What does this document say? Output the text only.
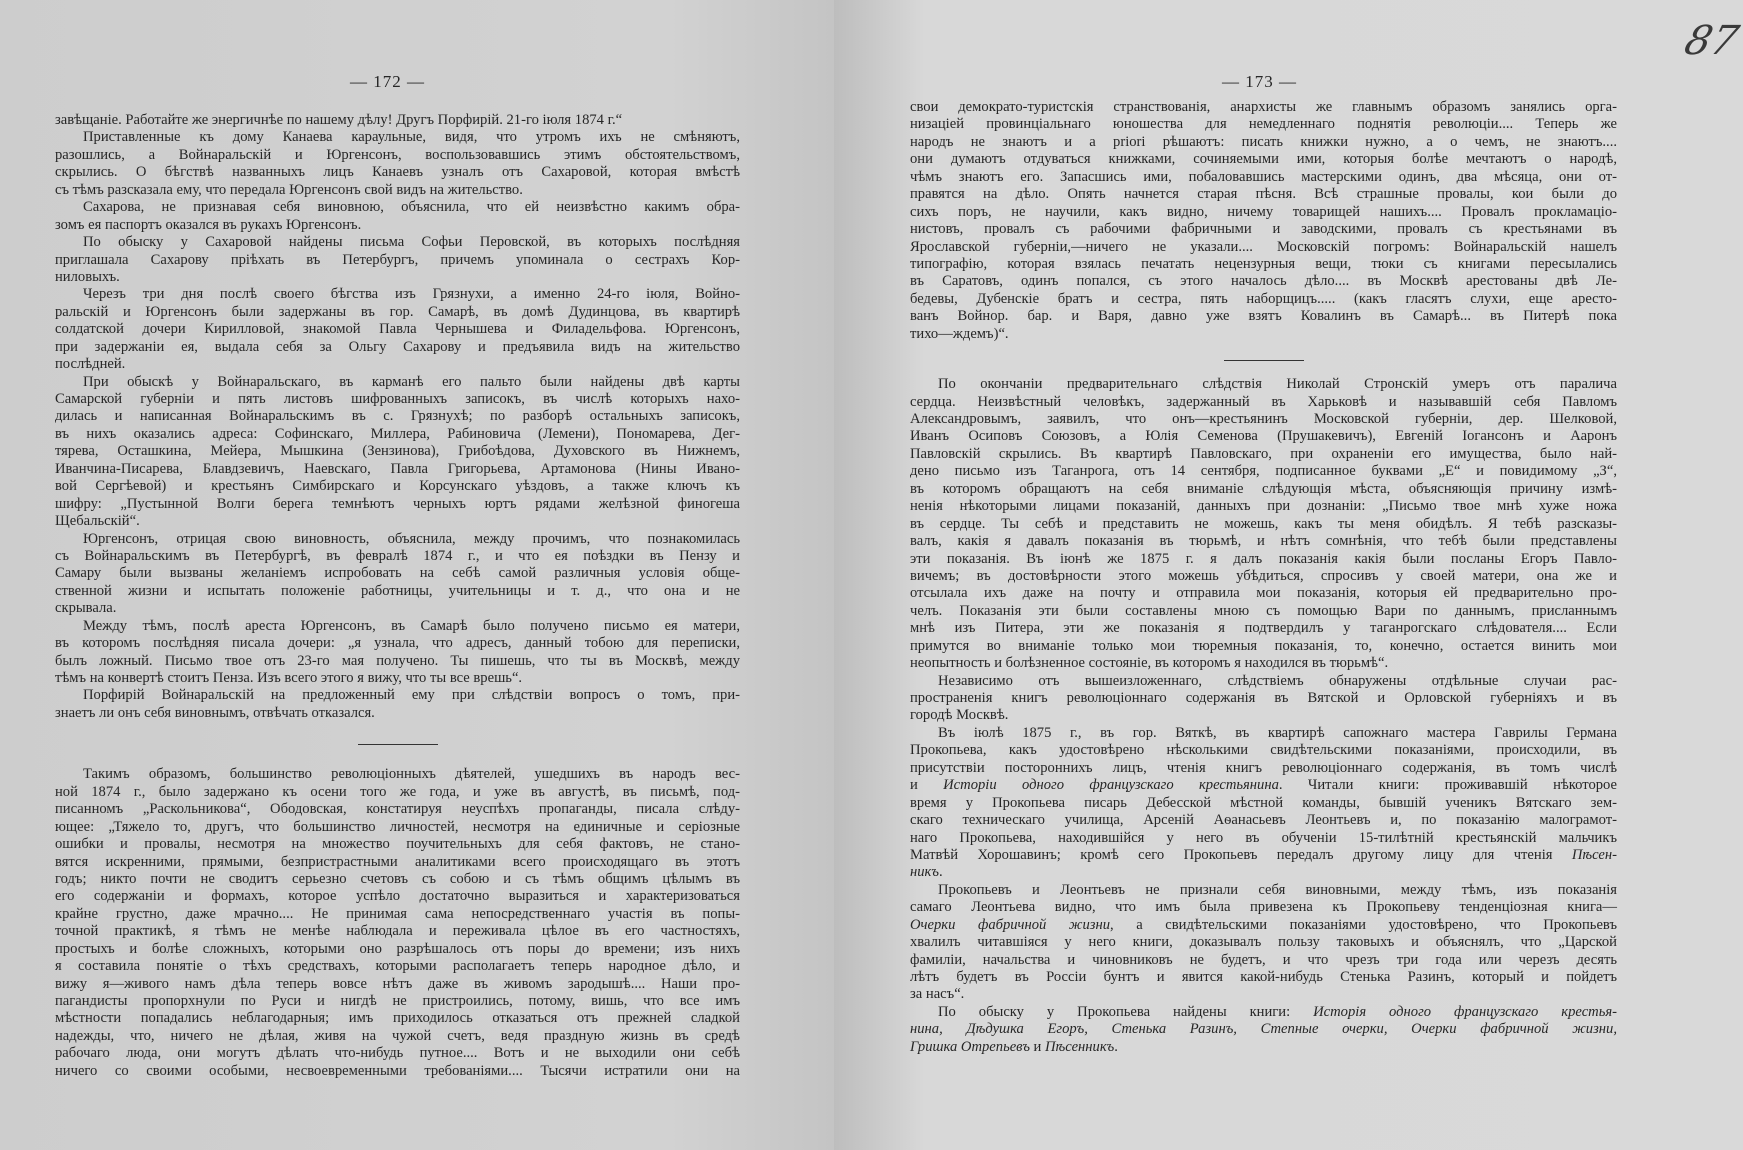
— 172 —	— 173 —
87
завѣщаніе. Работайте же энергичнѣе по нашему дѣлу! Другъ Порфирій. 21-го іюля 1874 г.“
Приставленные къ дому Канаева караульные, видя, что утромъ ихъ не смѣняютъ,
разошлись, а Войнаральскій и Юргенсонъ, воспользовавшись этимъ обстоятельствомъ,
скрылись. О бѣгствѣ названныхъ лицъ Канаевъ узналъ отъ Сахаровой, которая вмѣстѣ
съ тѣмъ разсказала ему, что передала Юргенсонъ свой видъ на жительство.
Сахарова, не признавая себя виновною, объяснила, что ей неизвѣстно какимъ обра-
зомъ ея паспортъ оказался въ рукахъ Юргенсонъ.
По обыску у Сахаровой найдены письма Софьи Перовской, въ которыхъ послѣдняя
приглашала Сахарову пріѣхать въ Петербургъ, причемъ упоминала о сестрахъ Кор-
ниловыхъ.
Черезъ три дня послѣ своего бѣгства изъ Грязнухи, а именно 24-го іюля, Войно-
ральскій и Юргенсонъ были задержаны въ гор. Самарѣ, въ домѣ Дудинцова, въ квартирѣ
солдатской дочери Кирилловой, знакомой Павла Чернышева и Филадельфова. Юргенсонъ,
при задержаніи ея, выдала себя за Ольгу Сахарову и предъявила видъ на жительство
послѣдней.
При обыскѣ у Войнаральскаго, въ карманѣ его пальто были найдены двѣ карты
Самарской губерніи и пять листовъ шифрованныхъ записокъ, въ числѣ которыхъ нахо-
дилась и написанная Войнаральскимъ въ с. Грязнухѣ; по разборѣ остальныхъ записокъ,
въ нихъ оказались адреса: Софинскаго, Миллера, Рабиновича (Лемени), Пономарева, Дег-
тярева, Осташкина, Мейера, Мышкина (Зензинова), Грибоѣдова, Духовского въ Нижнемъ,
Иванчина-Писарева, Блавдзевичъ, Наевскаго, Павла Григорьева, Артамонова (Нины Ивано-
вой Сергѣевой) и крестьянъ Симбирскаго и Корсунскаго уѣздовъ, а также ключъ къ
шифру: „Пустынной Волги берега темнѣютъ черныхъ юртъ рядами желѣзной финогеша
Щебальскій“.
Юргенсонъ, отрицая свою виновность, объяснила, между прочимъ, что познакомилась
съ Войнаральскимъ въ Петербургѣ, въ февралѣ 1874 г., и что ея поѣздки въ Пензу и
Самару были вызваны желаніемъ испробовать на себѣ самой различныя условія обще-
ственной жизни и испытать положеніе работницы, учительницы и т. д., что она и не
скрывала.
Между тѣмъ, послѣ ареста Юргенсонъ, въ Самарѣ было получено письмо ея матери,
въ которомъ послѣдняя писала дочери: „я узнала, что адресъ, данный тобою для переписки,
былъ ложный. Письмо твое отъ 23-го мая получено. Ты пишешь, что ты въ Москвѣ, между
тѣмъ на конвертѣ стоитъ Пенза. Изъ всего этого я вижу, что ты все врешь“.
Порфирій Войнаральскій на предложенный ему при слѣдствіи вопросъ о томъ, при-
знаетъ ли онъ себя виновнымъ, отвѣчать отказался.
Такимъ образомъ, большинство революціонныхъ дѣятелей, ушедшихъ въ народъ вес-
ной 1874 г., было задержано къ осени того же года, и уже въ августѣ, въ письмѣ, под-
писанномъ „Раскольникова“, Ободовская, констатируя неуспѣхъ пропаганды, писала слѣду-
ющее: „Тяжело то, другъ, что большинство личностей, несмотря на единичные и серіозные
ошибки и провалы, несмотря на множество поучительныхъ для себя фактовъ, не стано-
вятся искренними, прямыми, безпристрастными аналитиками всего происходящаго въ этотъ
годъ; никто почти не сводитъ серьезно счетовъ съ собою и съ тѣмъ общимъ цѣлымъ въ
его содержаніи и формахъ, которое успѣло достаточно выразиться и характеризоваться
крайне грустно, даже мрачно.... Не принимая сама непосредственнаго участія въ попы-
точной практикѣ, я тѣмъ не менѣе наблюдала и переживала цѣлое въ его частностяхъ,
простыхъ и болѣе сложныхъ, которыми оно разрѣшалось отъ поры до времени; изъ нихъ
я составила понятіе о тѣхъ средствахъ, которыми располагаетъ теперь народное дѣло, и
вижу я—живого намъ дѣла теперь вовсе нѣтъ даже въ живомъ зародышѣ.... Наши про-
пагандисты пропорхнули по Руси и нигдѣ не пристроились, потому, вишь, что все имъ
мѣстности попадались неблагодарныя; имъ приходилось отказаться отъ прежней сладкой
надежды, что, ничего не дѣлая, живя на чужой счетъ, ведя праздную жизнь въ средѣ
рабочаго люда, они могутъ дѣлать что-нибудь путное.... Вотъ и не выходили они себѣ
ничего со своими особыми, несвоевременными требованіями.... Тысячи истратили они на
свои демократо-туристскія странствованія, анархисты же главнымъ образомъ занялись орга-
низаціей провинціальнаго юношества для немедленнаго поднятія революціи.... Теперь же
народъ не знаютъ и а priori рѣшаютъ: писать книжки нужно, а о чемъ, не знаютъ....
они думаютъ отдуваться книжками, сочиняемыми ими, которыя болѣе мечтаютъ о народѣ,
чѣмъ знаютъ его. Запасшись ими, побаловавшись мастерскими одинъ, два мѣсяца, они от-
правятся на дѣло. Опять начнется старая пѣсня. Всѣ страшные провалы, кои были до
сихъ поръ, не научили, какъ видно, ничему товарищей нашихъ.... Провалъ прокламаціо-
нистовъ, провалъ съ рабочими фабричными и заводскими, провалъ съ крестьянами въ
Ярославской губерніи,—ничего не указали.... Московскій погромъ: Войнаральскій нашелъ
типографію, которая взялась печатать нецензурныя вещи, тюки съ книгами пересылались
въ Саратовъ, одинъ попался, съ этого началось дѣло.... въ Москвѣ арестованы двѣ Ле-
бедевы, Дубенскіе братъ и сестра, пять наборщицъ..... (какъ гласятъ слухи, еще аресто-
ванъ Войнор. бар. и Варя, давно уже взятъ Ковалинъ въ Самарѣ... въ Питерѣ пока
тихо—ждемъ)“.
По окончаніи предварительнаго слѣдствія Николай Стронскій умеръ отъ паралича
сердца. Неизвѣстный человѣкъ, задержанный въ Харьковѣ и называвшій себя Павломъ
Александровымъ, заявилъ, что онъ—крестьянинъ Московской губерніи, дер. Шелковой,
Иванъ Осиповъ Союзовъ, а Юлія Семенова (Прушакевичъ), Евгеній Іогансонъ и Ааронъ
Павловскій скрылись. Въ квартирѣ Павловскаго, при охраненіи его имущества, было най-
дено письмо изъ Таганрога, отъ 14 сентября, подписанное буквами „Е“ и повидимому „З“,
въ которомъ обращаютъ на себя вниманіе слѣдующія мѣста, объясняющія причину измѣ-
ненія нѣкоторыми лицами показаній, данныхъ при дознаніи: „Письмо твое мнѣ хуже ножа
въ сердце. Ты себѣ и представить не можешь, какъ ты меня обидѣлъ. Я тебѣ разсказы-
валъ, какія я давалъ показанія въ тюрьмѣ, и нѣтъ сомнѣнія, что тебѣ были представлены
эти показанія. Въ іюнѣ же 1875 г. я далъ показанія какія были посланы Егоръ Павло-
вичемъ; въ достовѣрности этого можешь убѣдиться, спросивъ у своей матери, она же и
отсылала ихъ даже на почту и отправила мои показанія, которыя ей предварительно про-
челъ. Показанія эти были составлены мною съ помощью Вари по даннымъ, присланнымъ
мнѣ изъ Питера, эти же показанія я подтвердилъ у таганрогскаго слѣдователя.... Если
примутся во вниманіе только мои тюремныя показанія, то, конечно, остается винить мои
неопытность и болѣзненное состояніе, въ которомъ я находился въ тюрьмѣ“.
Независимо отъ вышеизложеннаго, слѣдствіемъ обнаружены отдѣльные случаи рас-
пространенія книгъ революціоннаго содержанія въ Вятской и Орловской губерніяхъ и въ
городѣ Москвѣ.
Въ іюлѣ 1875 г., въ гор. Вяткѣ, въ квартирѣ сапожнаго мастера Гаврилы Германа
Прокопьева, какъ удостовѣрено нѣсколькими свидѣтельскими показаніями, происходили, въ
присутствіи постороннихъ лицъ, чтенія книгъ революціоннаго содержанія, въ томъ числѣ
и Исторіи одного французскаго крестьянина. Читали книги: проживавшій нѣкоторое
время у Прокопьева писарь Дебесской мѣстной команды, бывшій ученикъ Вятскаго зем-
скаго техническаго училища, Арсеній Аѳанасьевъ Леонтьевъ и, по показанію малограмот-
наго Прокопьева, находившійся у него въ обученіи 15-тилѣтній крестьянскій мальчикъ
Матвѣй Хорошавинъ; кромѣ сего Прокопьевъ передалъ другому лицу для чтенія Пѣсен-
никъ.
Прокопьевъ и Леонтьевъ не признали себя виновными, между тѣмъ, изъ показанія
самаго Леонтьева видно, что имъ была привезена къ Прокопьеву тенденціозная книга—
Очерки фабричной жизни, а свидѣтельскими показаніями удостовѣрено, что Прокопьевъ
хвалилъ читавшіяся у него книги, доказывалъ пользу таковыхъ и объяснялъ, что „Царской
фамиліи, начальства и чиновниковъ не будетъ, и что чрезъ три года или черезъ десять
лѣтъ будетъ въ Россіи бунтъ и явится какой-нибудь Стенька Разинъ, который и пойдетъ
за насъ“.
По обыску у Прокопьева найдены книги: Исторія одного французскаго крестья-
нина, Дѣдушка Егоръ, Стенька Разинъ, Степные очерки, Очерки фабричной жизни,
Гришка Отрепьевъ и Пѣсенникъ.
